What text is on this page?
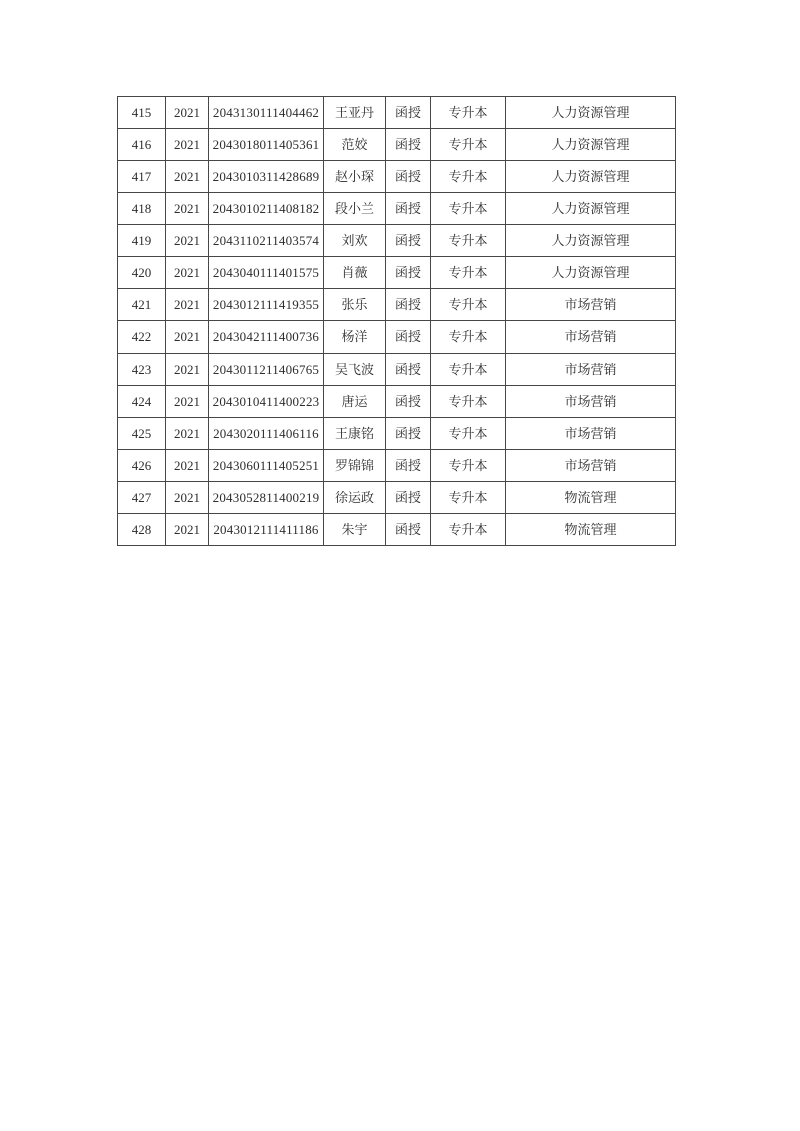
415	2021	2043130111404462	王亚丹	函授	专升本	人力资源管理
416	2021	2043018011405361	范姣	函授	专升本	人力资源管理
417	2021	2043010311428689	赵小琛	函授	专升本	人力资源管理
418	2021	2043010211408182	段小兰	函授	专升本	人力资源管理
419	2021	2043110211403574	刘欢	函授	专升本	人力资源管理
420	2021	2043040111401575	肖薇	函授	专升本	人力资源管理
421	2021	2043012111419355	张乐	函授	专升本	市场营销
422	2021	2043042111400736	杨洋	函授	专升本	市场营销
423	2021	2043011211406765	吴飞波	函授	专升本	市场营销
424	2021	2043010411400223	唐运	函授	专升本	市场营销
425	2021	2043020111406116	王康铭	函授	专升本	市场营销
426	2021	2043060111405251	罗锦锦	函授	专升本	市场营销
427	2021	2043052811400219	徐运政	函授	专升本	物流管理
428	2021	2043012111411186	朱宇	函授	专升本	物流管理
